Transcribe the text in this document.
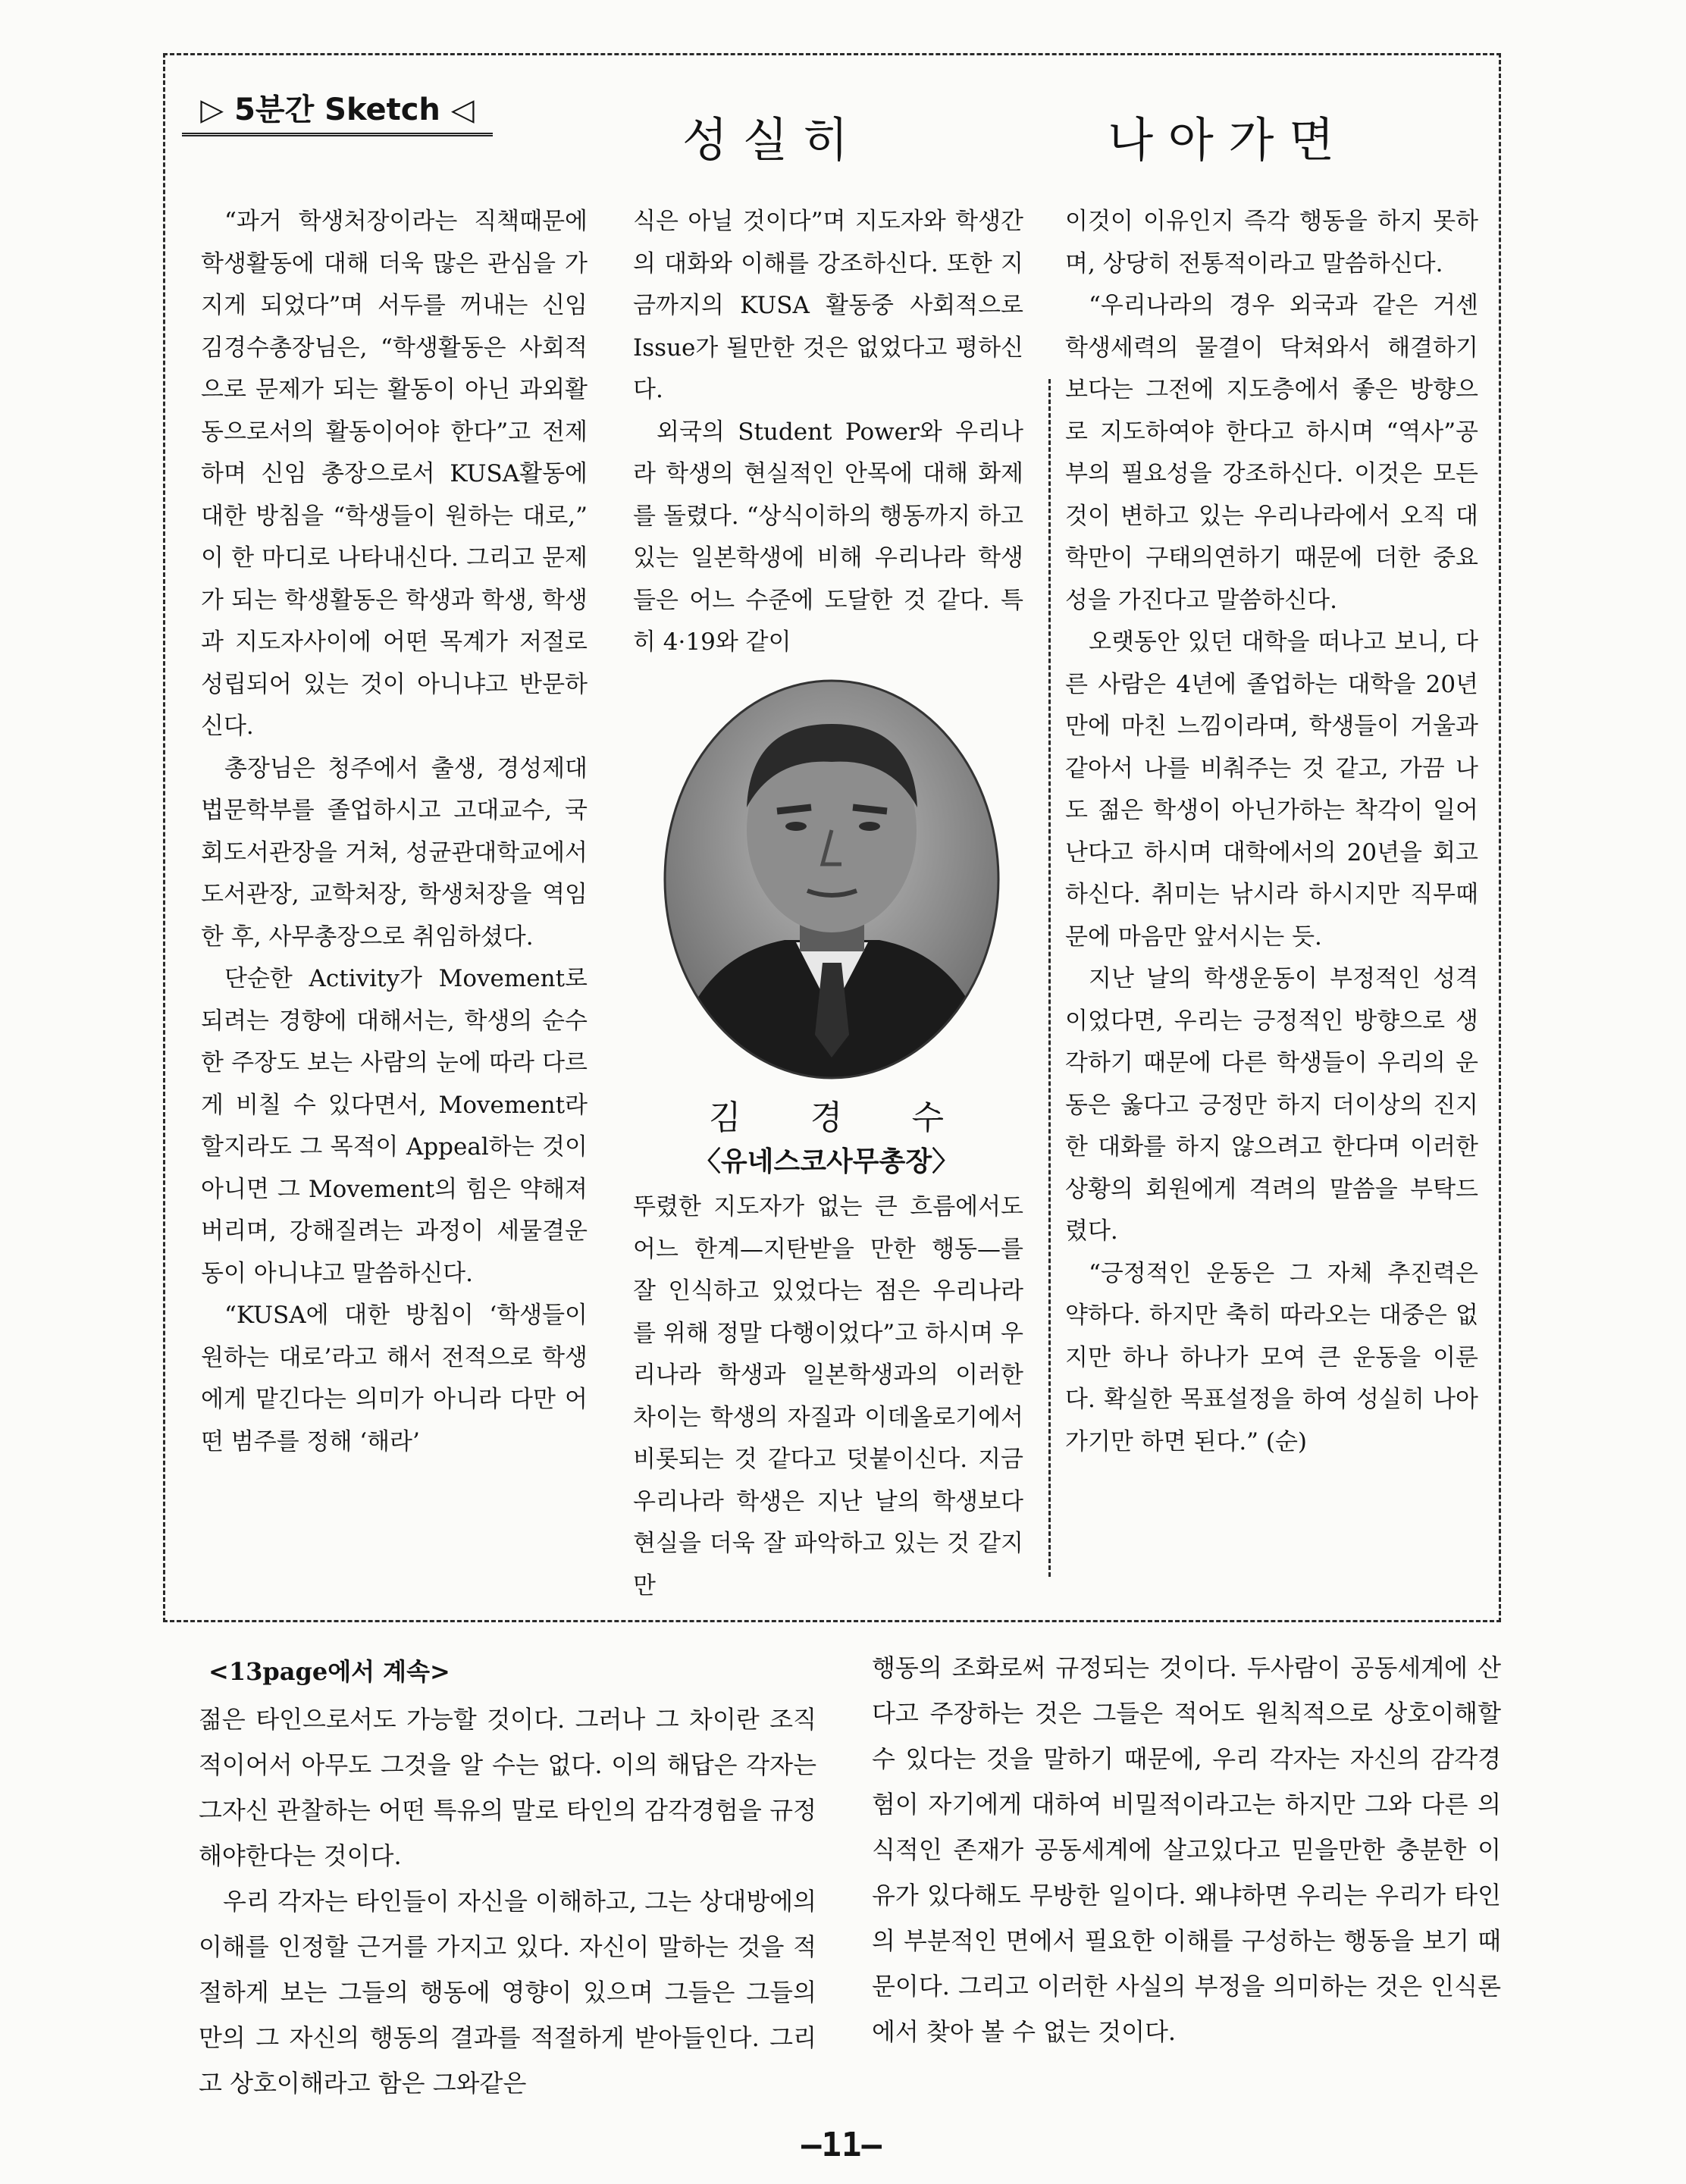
▷ 5분간 Sketch ◁
성 실 히	나 아 가 면

“과거 학생처장이라는 직책때문에 학생활동에 대해 더욱 많은 관심을 가지게 되었다”며 서두를 꺼내는 신임 김경수총장님은, “학생활동은 사회적으로 문제가 되는 활동이 아닌 과외활동으로서의 활동이어야 한다”고 전제하며 신임 총장으로서 KUSA활동에 대한 방침을 “학생들이 원하는 대로,” 이 한 마디로 나타내신다. 그리고 문제가 되는 학생활동은 학생과 학생, 학생과 지도자사이에 어떤 목계가 저절로 성립되어 있는 것이 아니냐고 반문하신다.

총장님은 청주에서 출생, 경성제대 법문학부를 졸업하시고 고대교수, 국회도서관장을 거쳐, 성균관대학교에서 도서관장, 교학처장, 학생처장을 역임한 후, 사무총장으로 취임하셨다.

단순한 Activity가 Movement로 되려는 경향에 대해서는, 학생의 순수한 주장도 보는 사람의 눈에 따라 다르게 비칠 수 있다면서, Movement라 할지라도 그 목적이 Appeal하는 것이 아니면 그 Movement의 힘은 약해져 버리며, 강해질려는 과정이 세물결운동이 아니냐고 말씀하신다.

“KUSA에 대한 방침이 ‘학생들이 원하는 대로’라고 해서 전적으로 학생에게 맡긴다는 의미가 아니라 다만 어떤 범주를 정해 ‘해라’

식은 아닐 것이다”며 지도자와 학생간의 대화와 이해를 강조하신다. 또한 지금까지의 KUSA 활동중 사회적으로 Issue가 될만한 것은 없었다고 평하신다.

외국의 Student Power와 우리나라 학생의 현실적인 안목에 대해 화제를 돌렸다. “상식이하의 행동까지 하고 있는 일본학생에 비해 우리나라 학생들은 어느 수준에 도달한 것 같다. 특히 4·19와 같이

김 경 수
〈유네스코사무총장〉

뚜렸한 지도자가 없는 큰 흐름에서도 어느 한계—지탄받을 만한 행동—를 잘 인식하고 있었다는 점은 우리나라를 위해 정말 다행이었다”고 하시며 우리나라 학생과 일본학생과의 이러한 차이는 학생의 자질과 이데올로기에서 비롯되는 것 같다고 덧붙이신다. 지금 우리나라 학생은 지난 날의 학생보다 현실을 더욱 잘 파악하고 있는 것 같지만

이것이 이유인지 즉각 행동을 하지 못하며, 상당히 전통적이라고 말씀하신다.

“우리나라의 경우 외국과 같은 거센 학생세력의 물결이 닥쳐와서 해결하기 보다는 그전에 지도층에서 좋은 방향으로 지도하여야 한다고 하시며 “역사”공부의 필요성을 강조하신다. 이것은 모든 것이 변하고 있는 우리나라에서 오직 대학만이 구태의연하기 때문에 더한 중요성을 가진다고 말씀하신다.

오랫동안 있던 대학을 떠나고 보니, 다른 사람은 4년에 졸업하는 대학을 20년만에 마친 느낌이라며, 학생들이 거울과 같아서 나를 비춰주는 것 같고, 가끔 나도 젊은 학생이 아닌가하는 착각이 일어난다고 하시며 대학에서의 20년을 회고하신다. 취미는 낚시라 하시지만 직무때문에 마음만 앞서시는 듯.

지난 날의 학생운동이 부정적인 성격이었다면, 우리는 긍정적인 방향으로 생각하기 때문에 다른 학생들이 우리의 운동은 옳다고 긍정만 하지 더이상의 진지한 대화를 하지 않으려고 한다며 이러한 상황의 회원에게 격려의 말씀을 부탁드렸다.

“긍정적인 운동은 그 자체 추진력은 약하다. 하지만 축히 따라오는 대중은 없지만 하나 하나가 모여 큰 운동을 이룬다. 확실한 목표설정을 하여 성실히 나아가기만 하면 된다.” (순)

<13page에서 계속>

젊은 타인으로서도 가능할 것이다. 그러나 그 차이란 조직적이어서 아무도 그것을 알 수는 없다. 이의 해답은 각자는 그자신 관찰하는 어떤 특유의 말로 타인의 감각경험을 규정해야한다는 것이다.

우리 각자는 타인들이 자신을 이해하고, 그는 상대방에의 이해를 인정할 근거를 가지고 있다. 자신이 말하는 것을 적절하게 보는 그들의 행동에 영향이 있으며 그들은 그들의 만의 그 자신의 행동의 결과를 적절하게 받아들인다. 그리고 상호이해라고 함은 그와같은

행동의 조화로써 규정되는 것이다. 두사람이 공동세계에 산다고 주장하는 것은 그들은 적어도 원칙적으로 상호이해할 수 있다는 것을 말하기 때문에, 우리 각자는 자신의 감각경험이 자기에게 대하여 비밀적이라고는 하지만 그와 다른 의식적인 존재가 공동세계에 살고있다고 믿을만한 충분한 이유가 있다해도 무방한 일이다. 왜냐하면 우리는 우리가 타인의 부분적인 면에서 필요한 이해를 구성하는 행동을 보기 때문이다. 그리고 이러한 사실의 부정을 의미하는 것은 인식론에서 찾아 볼 수 없는 것이다.

—11—
